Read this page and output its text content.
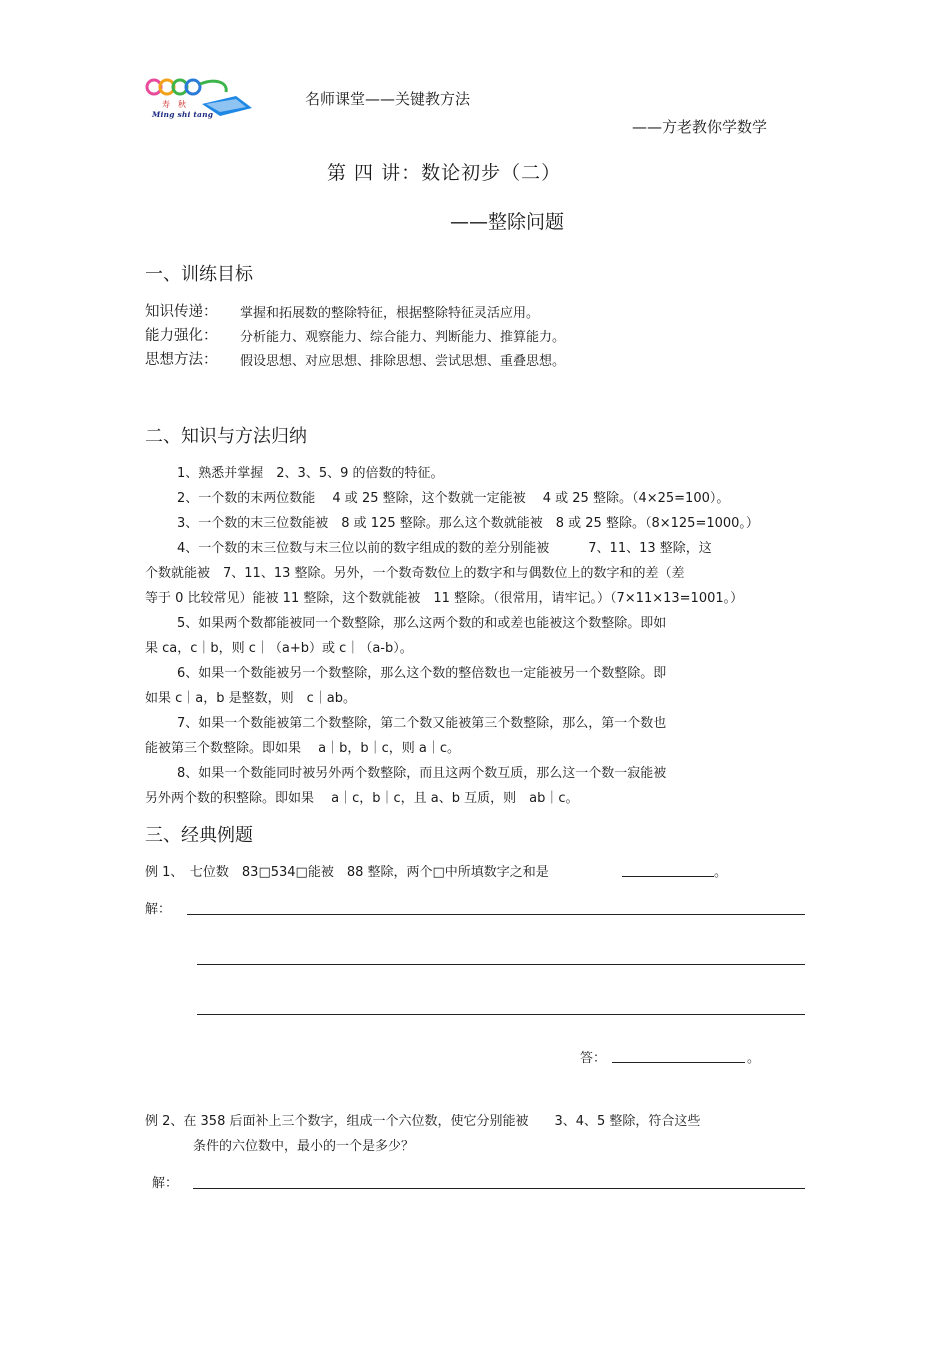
寿　秋
Ming shi tang
名师课堂——关键教方法
——方老教你学数学
第 四 讲：数论初步（二）
——整除问题
一、训练目标
知识传递： 掌握和拓展数的整除特征，根据整除特征灵活应用。
能力强化： 分析能力、观察能力、综合能力、判断能力、推算能力。
思想方法： 假设思想、对应思想、排除思想、尝试思想、重叠思想。
二、知识与方法归纳
1、熟悉并掌握　2、3、5、9 的倍数的特征。
2、一个数的末两位数能　 4 或 25 整除，这个数就一定能被　 4 或 25 整除。（4×25=100）。
3、一个数的末三位数能被　8 或 125 整除。那么这个数就能被　8 或 25 整除。（8×125=1000。）
4、一个数的末三位数与末三位以前的数字组成的数的差分别能被　　　7、11、13 整除，这
个数就能被　7、11、13 整除。另外，一个数奇数位上的数字和与偶数位上的数字和的差（差
等于 0 比较常见）能被 11 整除，这个数就能被　11 整除。（很常用，请牢记。）（7×11×13=1001。）
5、如果两个数都能被同一个数整除，那么这两个数的和或差也能被这个数整除。即如
果 ca，c｜b，则 c｜（a+b）或 c｜（a-b）。
6、如果一个数能被另一个数整除，那么这个数的整倍数也一定能被另一个数整除。即
如果 c｜a，b 是整数，则　c｜ab。
7、如果一个数能被第二个数整除，第二个数又能被第三个数整除，那么，第一个数也
能被第三个数整除。即如果　 a｜b，b｜c，则 a｜c。
8、如果一个数能同时被另外两个数整除，而且这两个数互质，那么这一个数一寂能被
另外两个数的积整除。即如果　 a｜c，b｜c，且 a、b 互质，则　ab｜c。
三、经典例题
例 1、　七位数　83□534□能被　88 整除，两个□中所填数字之和是	。
解：
答：	。
例 2、在 358 后面补上三个数字，组成一个六位数，使它分别能被　　3、4、5 整除，符合这些
条件的六位数中，最小的一个是多少？
解：
